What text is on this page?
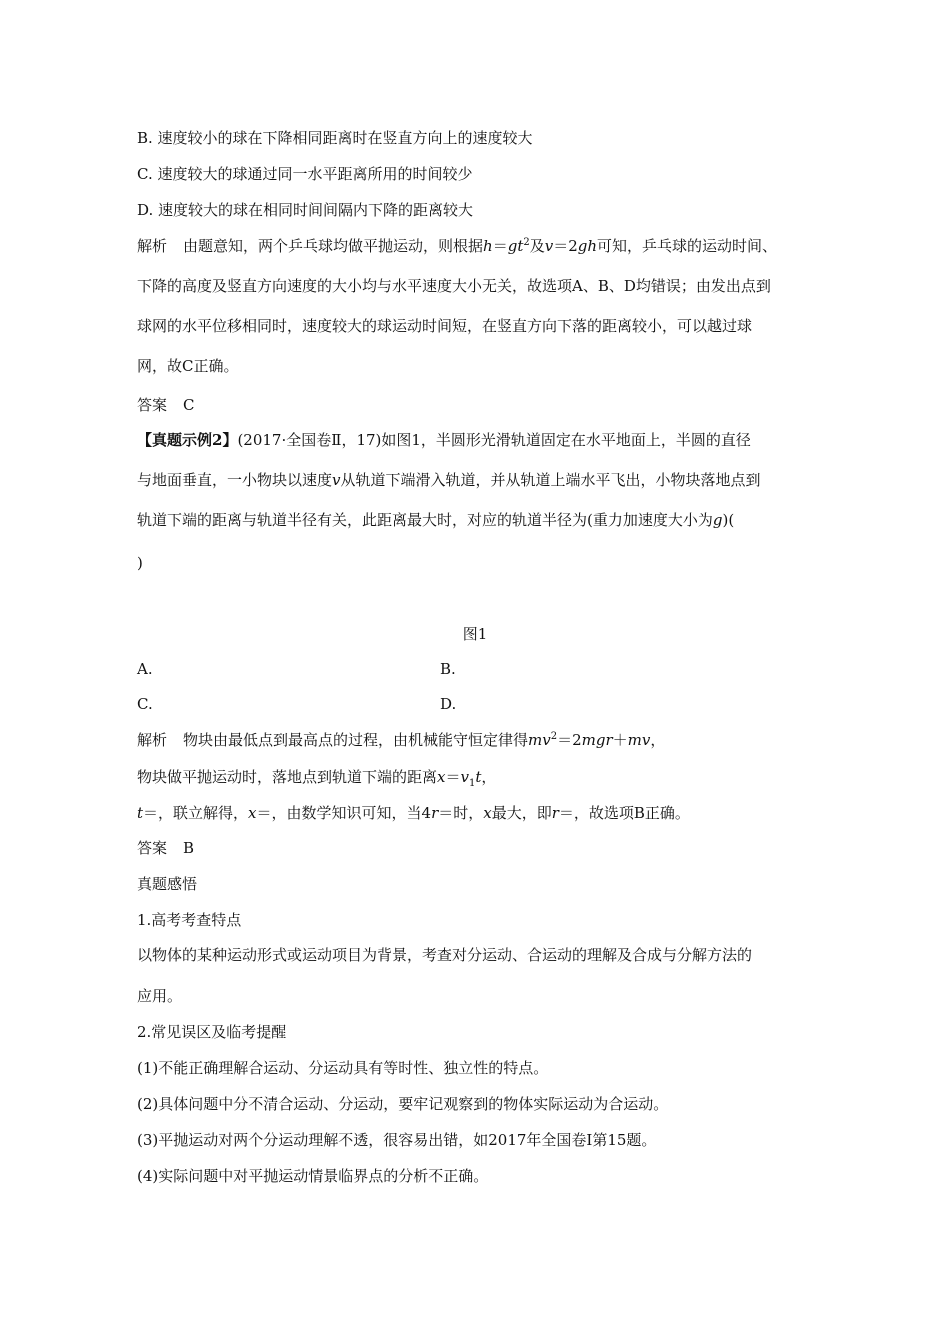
B. 速度较小的球在下降相同距离时在竖直方向上的速度较大
C. 速度较大的球通过同一水平距离所用的时间较少
D. 速度较大的球在相同时间间隔内下降的距离较大
解析 由题意知，两个乒乓球均做平抛运动，则根据$h=gt^2$及v＝2gh可知，乒乓球的运动时间、
下降的高度及竖直方向速度的大小均与水平速度大小无关，故选项A、B、D均错误；由发出点到
球网的水平位移相同时，速度较大的球运动时间短，在竖直方向下落的距离较小，可以越过球
网，故C正确。
答案 C
【真题示例2】(2017·全国卷Ⅱ，17)如图1，半圆形光滑轨道固定在水平地面上，半圆的直径
与地面垂直，一小物块以速度v从轨道下端滑入轨道，并从轨道上端水平飞出，小物块落地点到
轨道下端的距离与轨道半径有关，此距离最大时，对应的轨道半径为(重力加速度大小为g)(
)
图1
A.	B.
C.	D.
解析 物块由最低点到最高点的过程，由机械能守恒定律得$mv^2=2mgr+mv$，
物块做平抛运动时，落地点到轨道下端的距离$x=v_1t$，
t＝，联立解得，x＝，由数学知识可知，当4r＝时，x最大，即r＝，故选项B正确。
答案 B
真题感悟
1.高考考查特点
以物体的某种运动形式或运动项目为背景，考查对分运动、合运动的理解及合成与分解方法的
应用。
2.常见误区及临考提醒
(1)不能正确理解合运动、分运动具有等时性、独立性的特点。
(2)具体问题中分不清合运动、分运动，要牢记观察到的物体实际运动为合运动。
(3)平抛运动对两个分运动理解不透，很容易出错，如2017年全国卷Ⅰ第15题。
(4)实际问题中对平抛运动情景临界点的分析不正确。
